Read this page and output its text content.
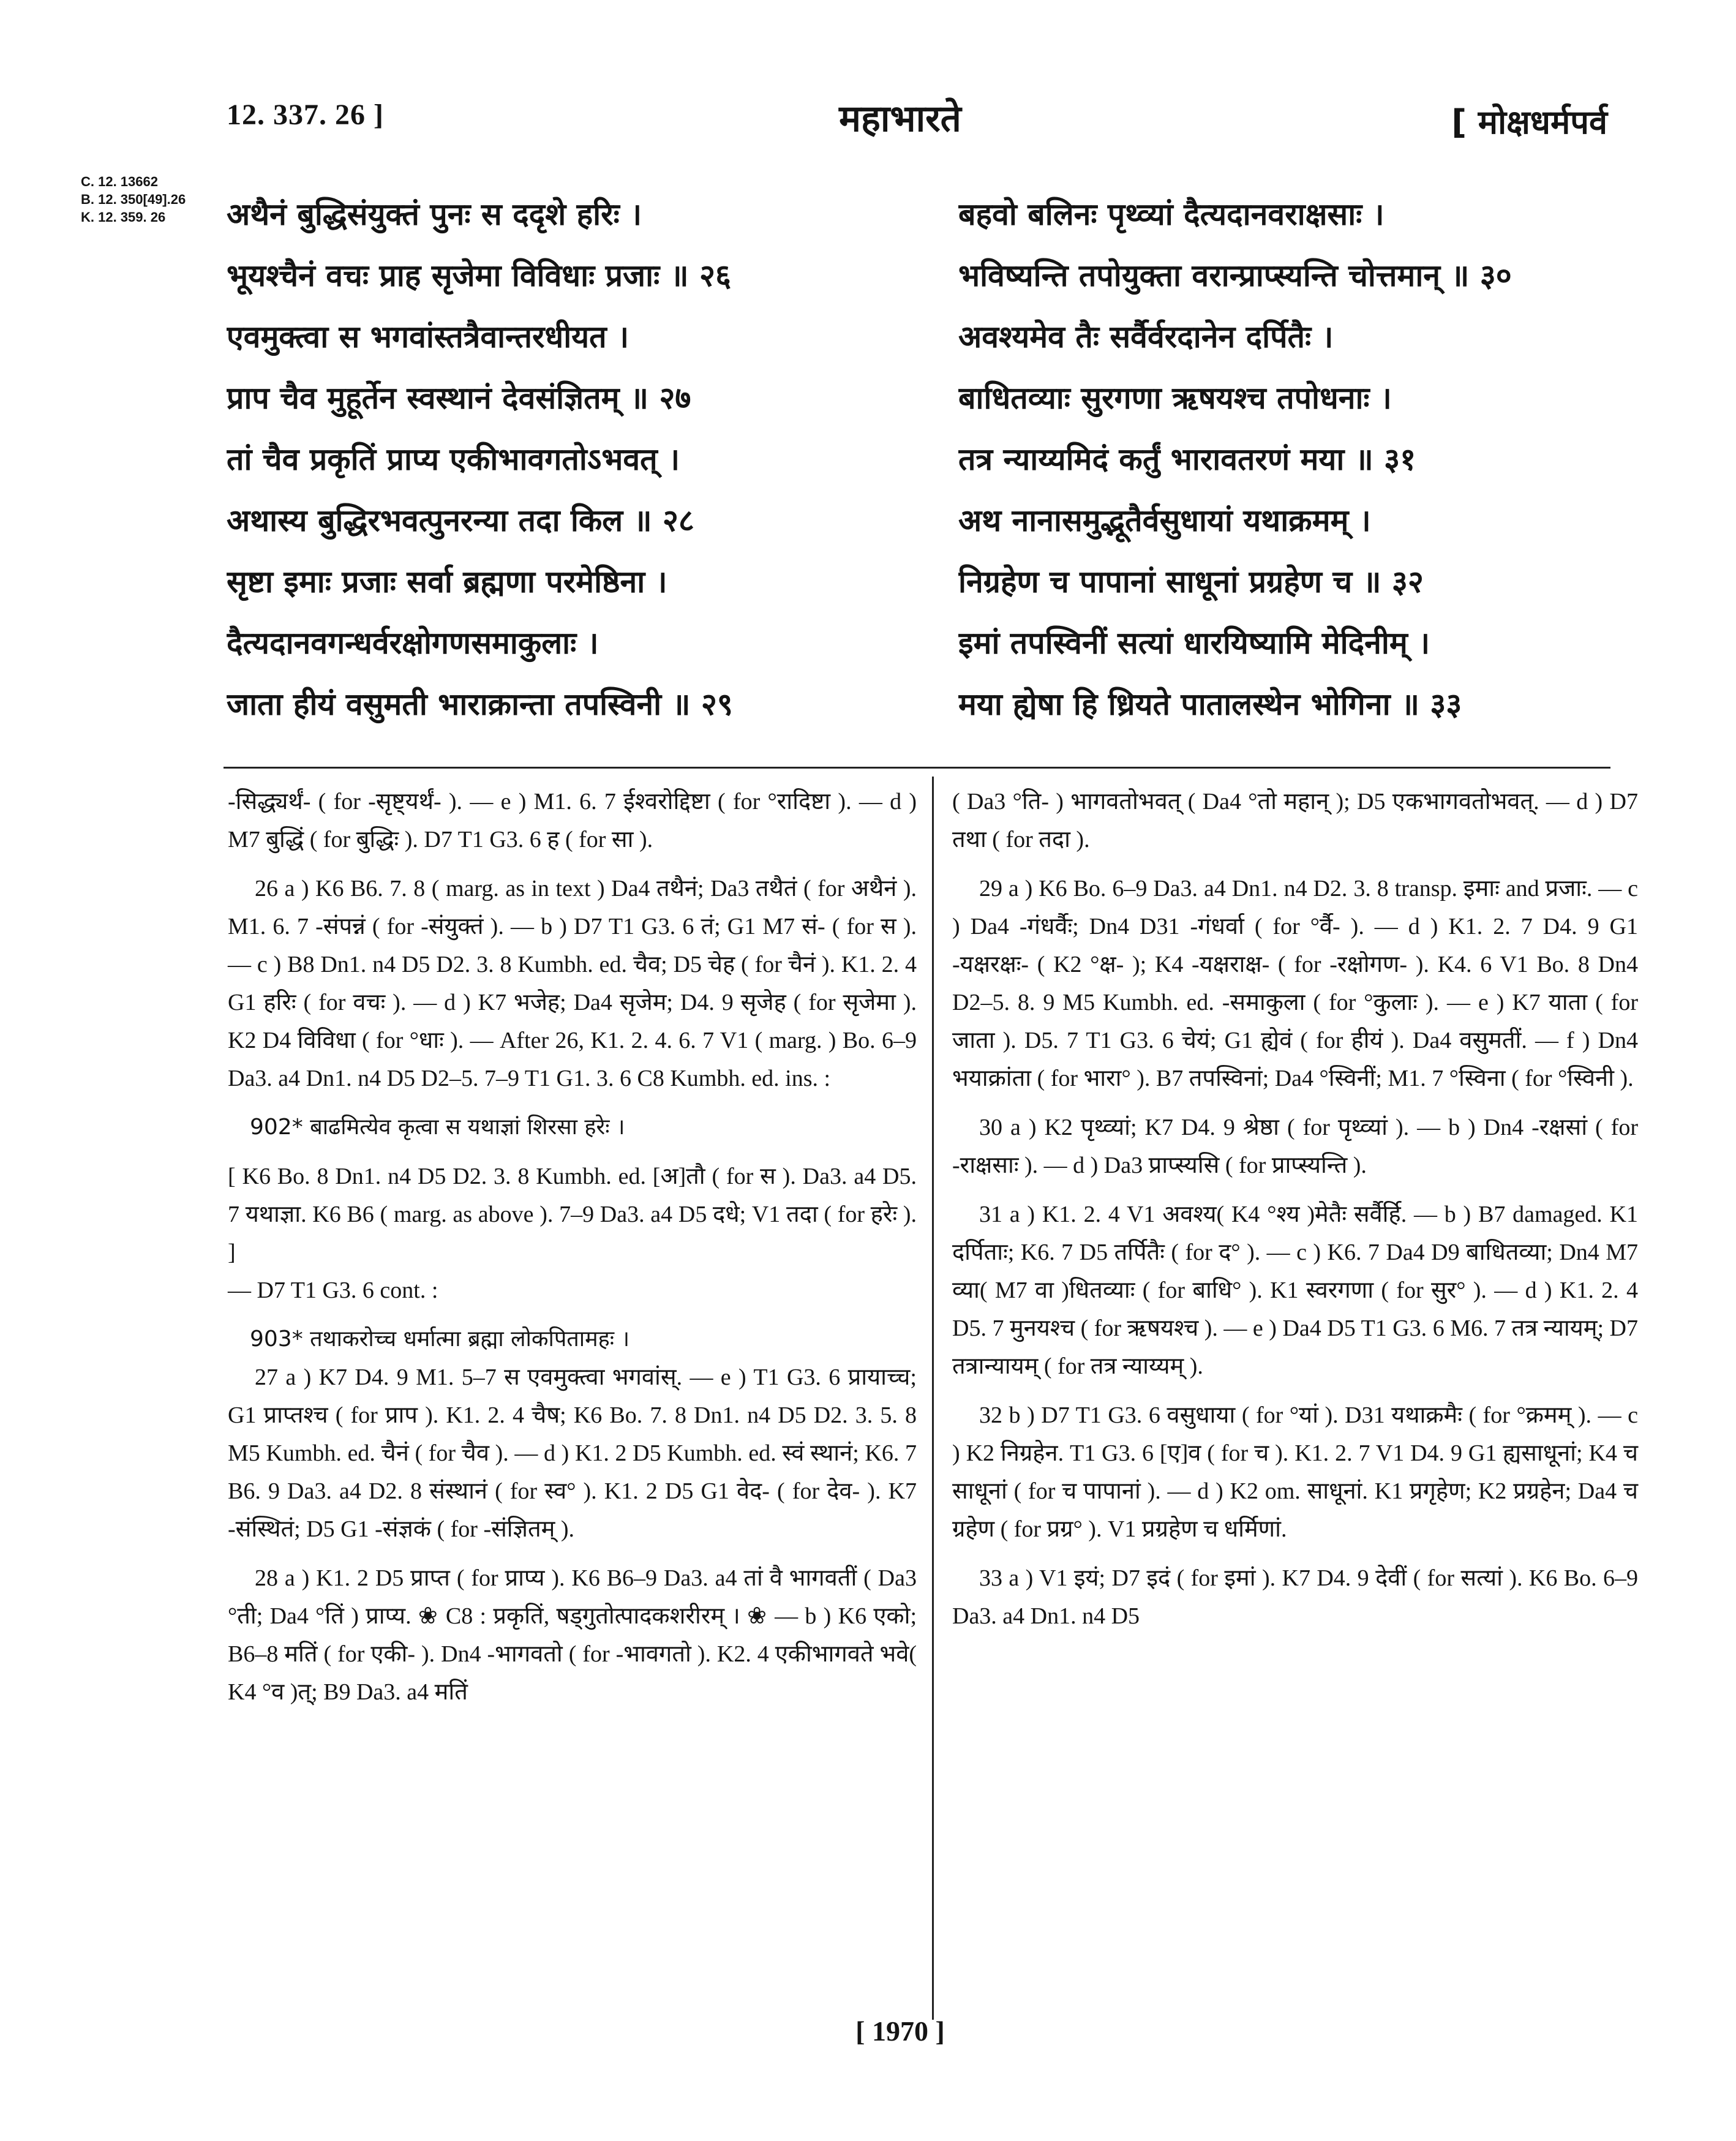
12. 337. 26 ]	महाभारते	[ मोक्षधर्मपर्व
C. 12. 13662
B. 12. 350[49].26
K. 12. 359. 26	अथैनं बुद्धिसंयुक्तं पुनः स ददृशे हरिः ।
भूयश्चैनं वचः प्राह सृजेमा विविधाः प्रजाः ॥ २६
एवमुक्त्वा स भगवांस्तत्रैवान्तरधीयत ।
प्राप चैव मुहूर्तेन स्वस्थानं देवसंज्ञितम् ॥ २७
तां चैव प्रकृतिं प्राप्य एकीभावगतोऽभवत् ।
अथास्य बुद्धिरभवत्पुनरन्या तदा किल ॥ २८
सृष्टा इमाः प्रजाः सर्वा ब्रह्मणा परमेष्ठिना ।
दैत्यदानवगन्धर्वरक्षोगणसमाकुलाः ।
जाता हीयं वसुमती भाराक्रान्ता तपस्विनी ॥ २९
बहवो बलिनः पृथ्व्यां दैत्यदानवराक्षसाः ।
भविष्यन्ति तपोयुक्ता वरान्प्राप्स्यन्ति चोत्तमान् ॥ ३०
अवश्यमेव तैः सर्वैर्वरदानेन दर्पितैः ।
बाधितव्याः सुरगणा ऋषयश्च तपोधनाः ।
तत्र न्याय्यमिदं कर्तुं भारावतरणं मया ॥ ३१
अथ नानासमुद्भूतैर्वसुधायां यथाक्रमम् ।
निग्रहेण च पापानां साधूनां प्रग्रहेण च ॥ ३२
इमां तपस्विनीं सत्यां धारयिष्यामि मेदिनीम् ।
मया ह्येषा हि ध्रियते पातालस्थेन भोगिना ॥ ३३

-सिद्ध्यर्थं- ( for -सृष्ट्यर्थं- ). — e ) M1. 6. 7 ईश्वरोद्दिष्टा ( for °रादिष्टा ). — d ) M7 बुद्धिं ( for बुद्धिः ). D7 T1 G3. 6 ह ( for सा ).

26 a ) K6 B6. 7. 8 ( marg. as in text ) Da4 तथैनं; Da3 तथैतं ( for अथैनं ). M1. 6. 7 -संपन्नं ( for -संयुक्तं ). — b ) D7 T1 G3. 6 तं; G1 M7 सं- ( for स ). — c ) B8 Dn1. n4 D5 D2. 3. 8 Kumbh. ed. चैव; D5 चेह ( for चैनं ). K1. 2. 4 G1 हरिः ( for वचः ). — d ) K7 भजेह; Da4 सृजेम; D4. 9 सृजेह ( for सृजेमा ). K2 D4 विविधा ( for °धाः ). — After 26, K1. 2. 4. 6. 7 V1 ( marg. ) Bo. 6–9 Da3. a4 Dn1. n4 D5 D2–5. 7–9 T1 G1. 3. 6 C8 Kumbh. ed. ins. :

902* बाढमित्येव कृत्वा स यथाज्ञां शिरसा हरेः ।

[ K6 Bo. 8 Dn1. n4 D5 D2. 3. 8 Kumbh. ed. [अ]तौ ( for स ). Da3. a4 D5. 7 यथाज्ञा. K6 B6 ( marg. as above ). 7–9 Da3. a4 D5 दधे; V1 तदा ( for हरेः ). ]

— D7 T1 G3. 6 cont. :

903* तथाकरोच्च धर्मात्मा ब्रह्मा लोकपितामहः ।

27 a ) K7 D4. 9 M1. 5–7 स एवमुक्त्वा भगवांस्. — e ) T1 G3. 6 प्रायाच्च; G1 प्राप्तश्च ( for प्राप ). K1. 2. 4 चैष; K6 Bo. 7. 8 Dn1. n4 D5 D2. 3. 5. 8 M5 Kumbh. ed. चैनं ( for चैव ). — d ) K1. 2 D5 Kumbh. ed. स्वं स्थानं; K6. 7 B6. 9 Da3. a4 D2. 8 संस्थानं ( for स्व° ). K1. 2 D5 G1 वेद- ( for देव- ). K7 -संस्थितं; D5 G1 -संज्ञकं ( for -संज्ञितम् ).

28 a ) K1. 2 D5 प्राप्त ( for प्राप्य ). K6 B6–9 Da3. a4 तां वै भागवतीं ( Da3 °ती; Da4 °तिं ) प्राप्य. ❀ C8 : प्रकृतिं, षड्गुतोत्पादकशरीरम् । ❀ — b ) K6 एको; B6–8 मतिं ( for एकी- ). Dn4 -भागवतो ( for -भावगतो ). K2. 4 एकीभागवते भवे( K4 °व )त्; B9 Da3. a4 मतिं

( Da3 °ति- ) भागवतोभवत् ( Da4 °तो महान् ); D5 एकभागवतोभवत्. — d ) D7 तथा ( for तदा ).

29 a ) K6 Bo. 6–9 Da3. a4 Dn1. n4 D2. 3. 8 transp. इमाः and प्रजाः. — c ) Da4 -गंधर्वैः; Dn4 D31 -गंधर्वा ( for °र्वै- ). — d ) K1. 2. 7 D4. 9 G1 -यक्षरक्षः- ( K2 °क्ष- ); K4 -यक्षराक्ष- ( for -रक्षोगण- ). K4. 6 V1 Bo. 8 Dn4 D2–5. 8. 9 M5 Kumbh. ed. -समाकुला ( for °कुलाः ). — e ) K7 याता ( for जाता ). D5. 7 T1 G3. 6 चेयं; G1 ह्येवं ( for हीयं ). Da4 वसुमतीं. — f ) Dn4 भयाक्रांता ( for भारा° ). B7 तपस्विनां; Da4 °स्विनीं; M1. 7 °स्विना ( for °स्विनी ).

30 a ) K2 पृथ्व्यां; K7 D4. 9 श्रेष्ठा ( for पृथ्व्यां ). — b ) Dn4 -रक्षसां ( for -राक्षसाः ). — d ) Da3 प्राप्स्यसि ( for प्राप्स्यन्ति ).

31 a ) K1. 2. 4 V1 अवश्य( K4 °श्य )मेतैः सर्वैर्हि. — b ) B7 damaged. K1 दर्पिताः; K6. 7 D5 तर्पितैः ( for द° ). — c ) K6. 7 Da4 D9 बाधितव्या; Dn4 M7 व्या( M7 वा )धितव्याः ( for बाधि° ). K1 स्वरगणा ( for सुर° ). — d ) K1. 2. 4 D5. 7 मुनयश्च ( for ऋषयश्च ). — e ) Da4 D5 T1 G3. 6 M6. 7 तत्र न्यायम्; D7 तत्रान्यायम् ( for तत्र न्याय्यम् ).

32 b ) D7 T1 G3. 6 वसुधाया ( for °यां ). D31 यथाक्रमैः ( for °क्रमम् ). — c ) K2 निग्रहेन. T1 G3. 6 [ए]व ( for च ). K1. 2. 7 V1 D4. 9 G1 ह्यसाधूनां; K4 च साधूनां ( for च पापानां ). — d ) K2 om. साधूनां. K1 प्रगृहेण; K2 प्रग्रहेन; Da4 च ग्रहेण ( for प्रग्र° ). V1 प्रग्रहेण च धर्मिणां.

33 a ) V1 इयं; D7 इदं ( for इमां ). K7 D4. 9 देवीं ( for सत्यां ). K6 Bo. 6–9 Da3. a4 Dn1. n4 D5

[ 1970 ]
